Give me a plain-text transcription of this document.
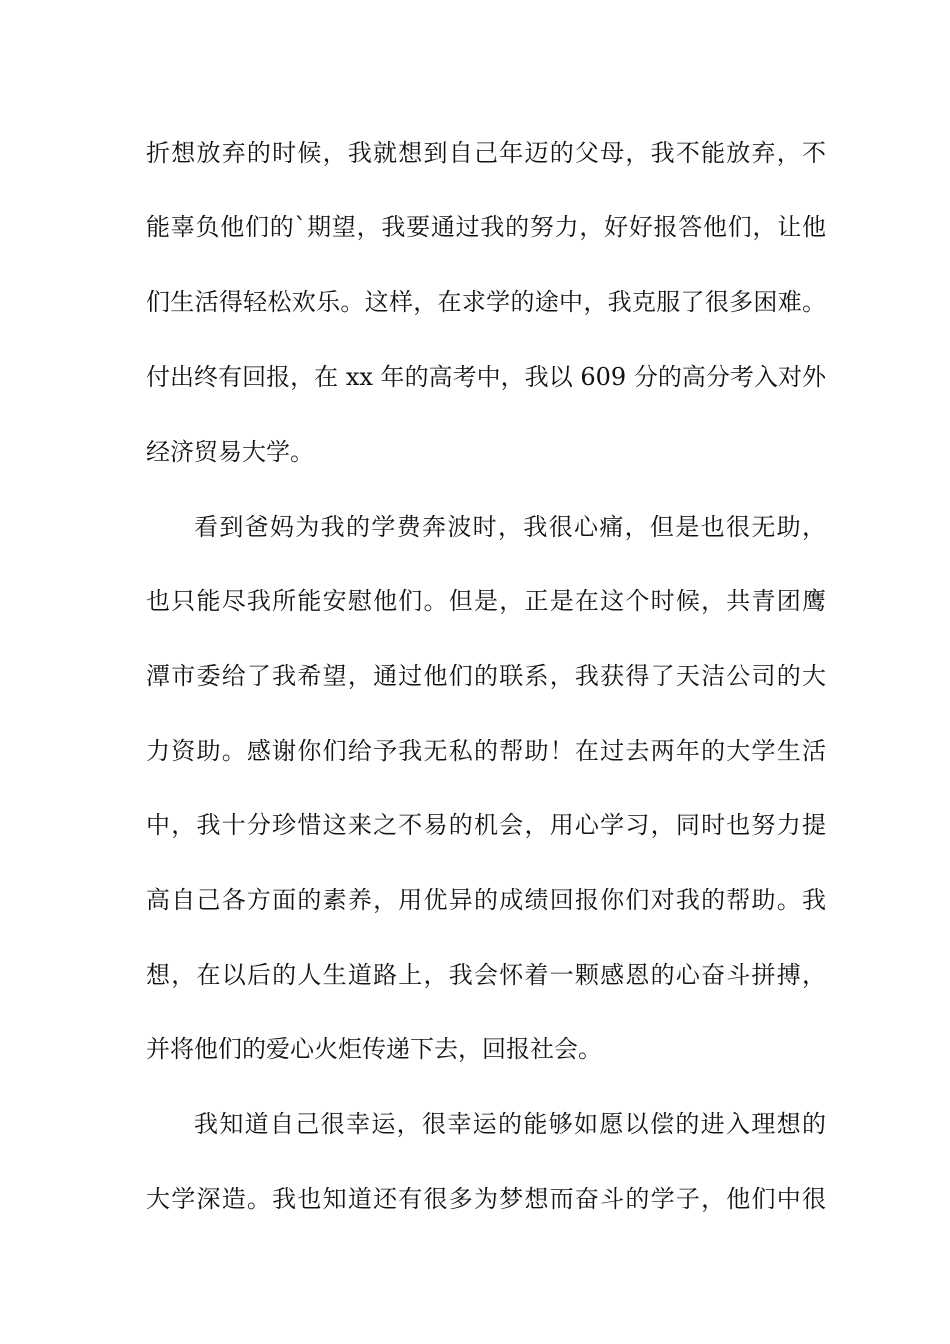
折想放弃的时候，我就想到自己年迈的父母，我不能放弃，不
能辜负他们的`期望，我要通过我的努力，好好报答他们，让他
们生活得轻松欢乐。这样，在求学的途中，我克服了很多困难。
付出终有回报，在 xx 年的高考中，我以 609 分的高分考入对外
经济贸易大学。
看到爸妈为我的学费奔波时，我很心痛，但是也很无助，
也只能尽我所能安慰他们。但是，正是在这个时候，共青团鹰
潭市委给了我希望，通过他们的联系，我获得了天洁公司的大
力资助。感谢你们给予我无私的帮助！在过去两年的大学生活
中，我十分珍惜这来之不易的机会，用心学习，同时也努力提
高自己各方面的素养，用优异的成绩回报你们对我的帮助。我
想，在以后的人生道路上，我会怀着一颗感恩的心奋斗拼搏，
并将他们的爱心火炬传递下去，回报社会。
我知道自己很幸运，很幸运的能够如愿以偿的进入理想的
大学深造。我也知道还有很多为梦想而奋斗的学子，他们中很
